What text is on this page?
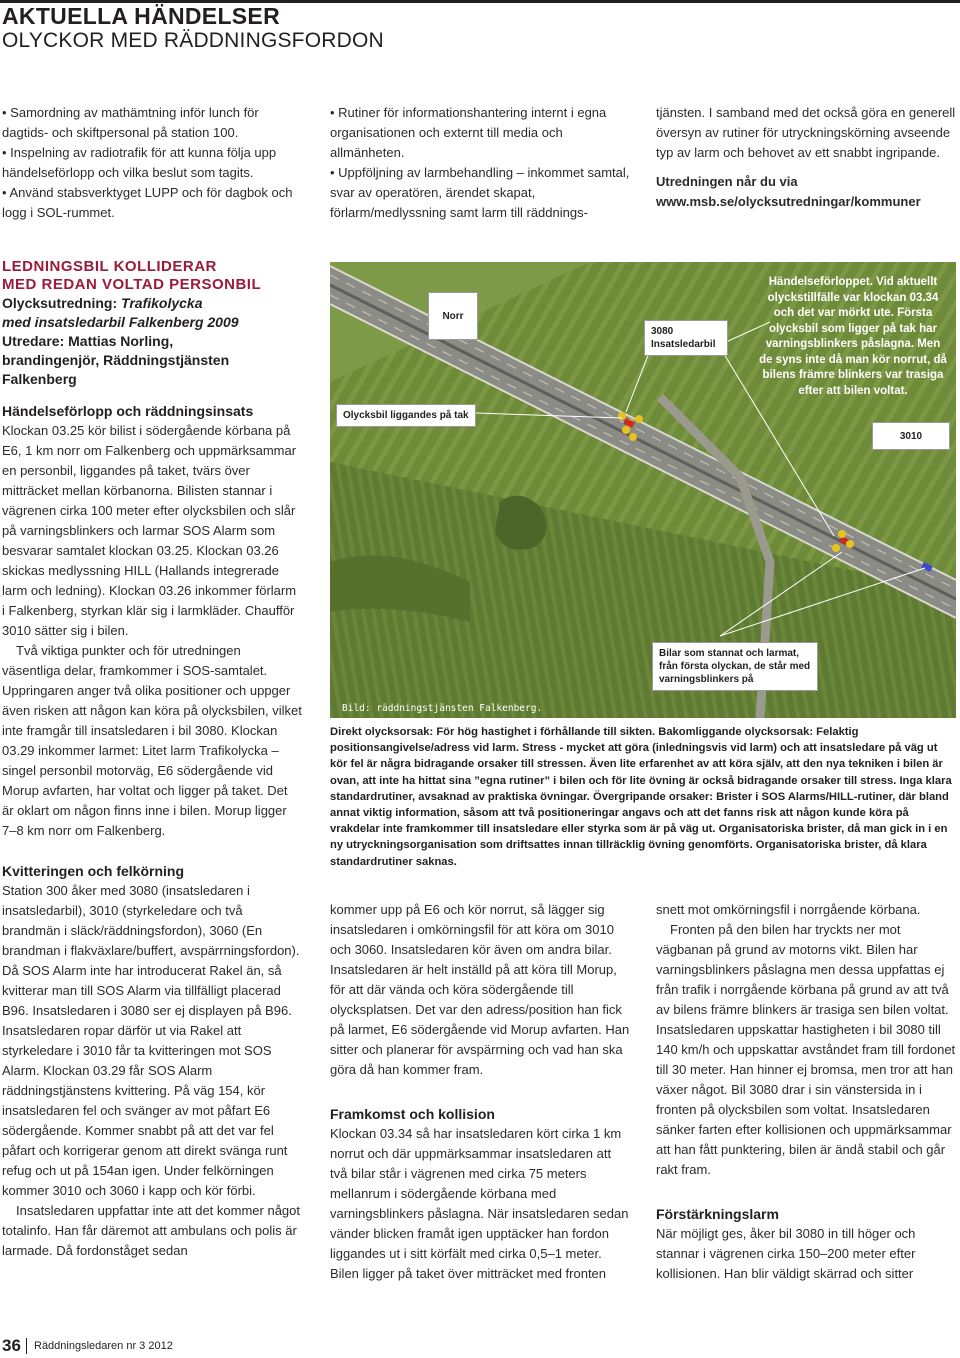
AKTUELLA HÄNDELSER
OLYCKOR MED RÄDDNINGSFORDON
• Samordning av mathämtning inför lunch för dagtids- och skiftpersonal på station 100.
• Inspelning av radiotrafik för att kunna följa upp händelseförlopp och vilka beslut som tagits.
• Använd stabsverktyget LUPP och för dagbok och logg i SOL-rummet.
• Rutiner för informationshantering internt i egna organisationen och externt till media och allmänheten.
• Uppföljning av larmbehandling – inkommet samtal, svar av operatören, ärendet skapat, förlarm/medlyssning samt larm till räddnings-

tjänsten. I samband med det också göra en generell översyn av rutiner för utryckningskörning avseende typ av larm och behovet av ett snabbt ingripande.

Utredningen når du via

www.msb.se/olycksutredningar/kommuner

LEDNINGSBIL KOLLIDERAR
MED REDAN VOLTAD PERSONBIL
Olycksutredning: Trafikolycka
med insatsledarbil Falkenberg 2009
Utredare: Mattias Norling,
brandingenjör, Räddningstjänsten
Falkenberg
Händelseförlopp och räddningsinsats

Klockan 03.25 kör bilist i södergående körbana på E6, 1 km norr om Falkenberg och uppmärksammar en personbil, liggandes på taket, tvärs över mitträcket mellan körbanorna. Bilisten stannar i vägrenen cirka 100 meter efter olycksbilen och slår på varningsblinkers och larmar SOS Alarm som besvarar samtalet klockan 03.25. Klockan 03.26 skickas medlyssning HILL (Hallands integrerade larm och ledning). Klockan 03.26 inkommer förlarm i Falkenberg, styrkan klär sig i larmkläder. Chaufför 3010 sätter sig i bilen.

Två viktiga punkter och för utredningen väsentliga delar, framkommer i SOS-samtalet. Uppringaren anger två olika positioner och uppger även risken att någon kan köra på olycksbilen, vilket inte framgår till insatsledaren i bil 3080. Klockan 03.29 inkommer larmet: Litet larm Trafikolycka – singel personbil motorväg, E6 södergående vid Morup avfarten, har voltat och ligger på taket. Det är oklart om någon finns inne i bilen. Morup ligger 7–8 km norr om Falkenberg.

Kvitteringen och felkörning

Station 300 åker med 3080 (insatsledaren i insatsledarbil), 3010 (styrkeledare och två brandmän i släck/räddningsfordon), 3060 (En brandman i flakväxlare/buffert, avspärrningsfordon). Då SOS Alarm inte har introducerat Rakel än, så kvitterar man till SOS Alarm via tillfälligt placerad B96. Insatsledaren i 3080 ser ej displayen på B96. Insatsledaren ropar därför ut via Rakel att styrkeledare i 3010 får ta kvitteringen mot SOS Alarm. Klockan 03.29 får SOS Alarm räddningstjänstens kvittering. På väg 154, kör insatsledaren fel och svänger av mot påfart E6 södergående. Kommer snabbt på att det var fel påfart och korrigerar genom att direkt svänga runt refug och ut på 154an igen. Under felkörningen kommer 3010 och 3060 i kapp och kör förbi.

Insatsledaren uppfattar inte att det kommer något totalinfo. Han får däremot att ambulans och polis är larmade. Då fordonståget sedan

Norr
Olycksbil liggandes på tak
3080
Insatsledarbil
3010
Bilar som stannat och larmat, från första olyckan, de står med varningsblinkers på
Bild: räddningstjänsten Falkenberg.
Händelseförloppet. Vid aktuellt olyckstillfälle var klockan 03.34 och det var mörkt ute. Första olycksbil som ligger på tak har varningsblinkers påslagna. Men de syns inte då man kör norrut, då bilens främre blinkers var trasiga efter att bilen voltat.
Direkt olycksorsak: För hög hastighet i förhållande till sikten. Bakomliggande olycksorsak: Felaktig positionsangivelse/adress vid larm. Stress - mycket att göra (inledningsvis vid larm) och att insatsledare på väg ut kör fel är några bidragande orsaker till stressen. Även lite erfarenhet av att köra själv, att den nya tekniken i bilen är ovan, att inte ha hittat sina ”egna rutiner” i bilen och för lite övning är också bidragande orsaker till stress. Inga klara standardrutiner, avsaknad av praktiska övningar. Övergripande orsaker: Brister i SOS Alarms/HILL-rutiner, där bland annat viktig information, såsom att två positioneringar angavs och att det fanns risk att någon kunde köra på vrakdelar inte framkommer till insatsledare eller styrka som är på väg ut. Organisatoriska brister, då man gick in i en ny utryckningsorganisation som driftsattes innan tillräcklig övning genomförts. Organisatoriska brister, då klara standardrutiner saknas.

kommer upp på E6 och kör norrut, så lägger sig insatsledaren i omkörningsfil för att köra om 3010 och 3060. Insatsledaren kör även om andra bilar. Insatsledaren är helt inställd på att köra till Morup, för att där vända och köra södergående till olycksplatsen. Det var den adress/position han fick på larmet, E6 södergående vid Morup avfarten. Han sitter och planerar för avspärrning och vad han ska göra då han kommer fram.

Framkomst och kollision

Klockan 03.34 så har insatsledaren kört cirka 1 km norrut och där uppmärksammar insatsledaren att två bilar står i vägrenen med cirka 75 meters mellanrum i södergående körbana med varningsblinkers påslagna. När insatsledaren sedan vänder blicken framåt igen upptäcker han fordon liggandes ut i sitt körfält med cirka 0,5–1 meter. Bilen ligger på taket över mitträcket med fronten

snett mot omkörningsfil i norrgående körbana.

Fronten på den bilen har tryckts ner mot vägbanan på grund av motorns vikt. Bilen har varningsblinkers påslagna men dessa uppfattas ej från trafik i norrgående körbana på grund av att två av bilens främre blinkers är trasiga sen bilen voltat. Insatsledaren uppskattar hastigheten i bil 3080 till 140 km/h och uppskattar avståndet fram till fordonet till 30 meter. Han hinner ej bromsa, men tror att han växer något. Bil 3080 drar i sin vänstersida in i fronten på olycksbilen som voltat. Insatsledaren sänker farten efter kollisionen och uppmärksammar att han fått punktering, bilen är ändå stabil och går rakt fram.

Förstärkningslarm

När möjligt ges, åker bil 3080 in till höger och stannar i vägrenen cirka 150–200 meter efter kollisionen. Han blir väldigt skärrad och sitter

36 Räddningsledaren nr 3 2012
